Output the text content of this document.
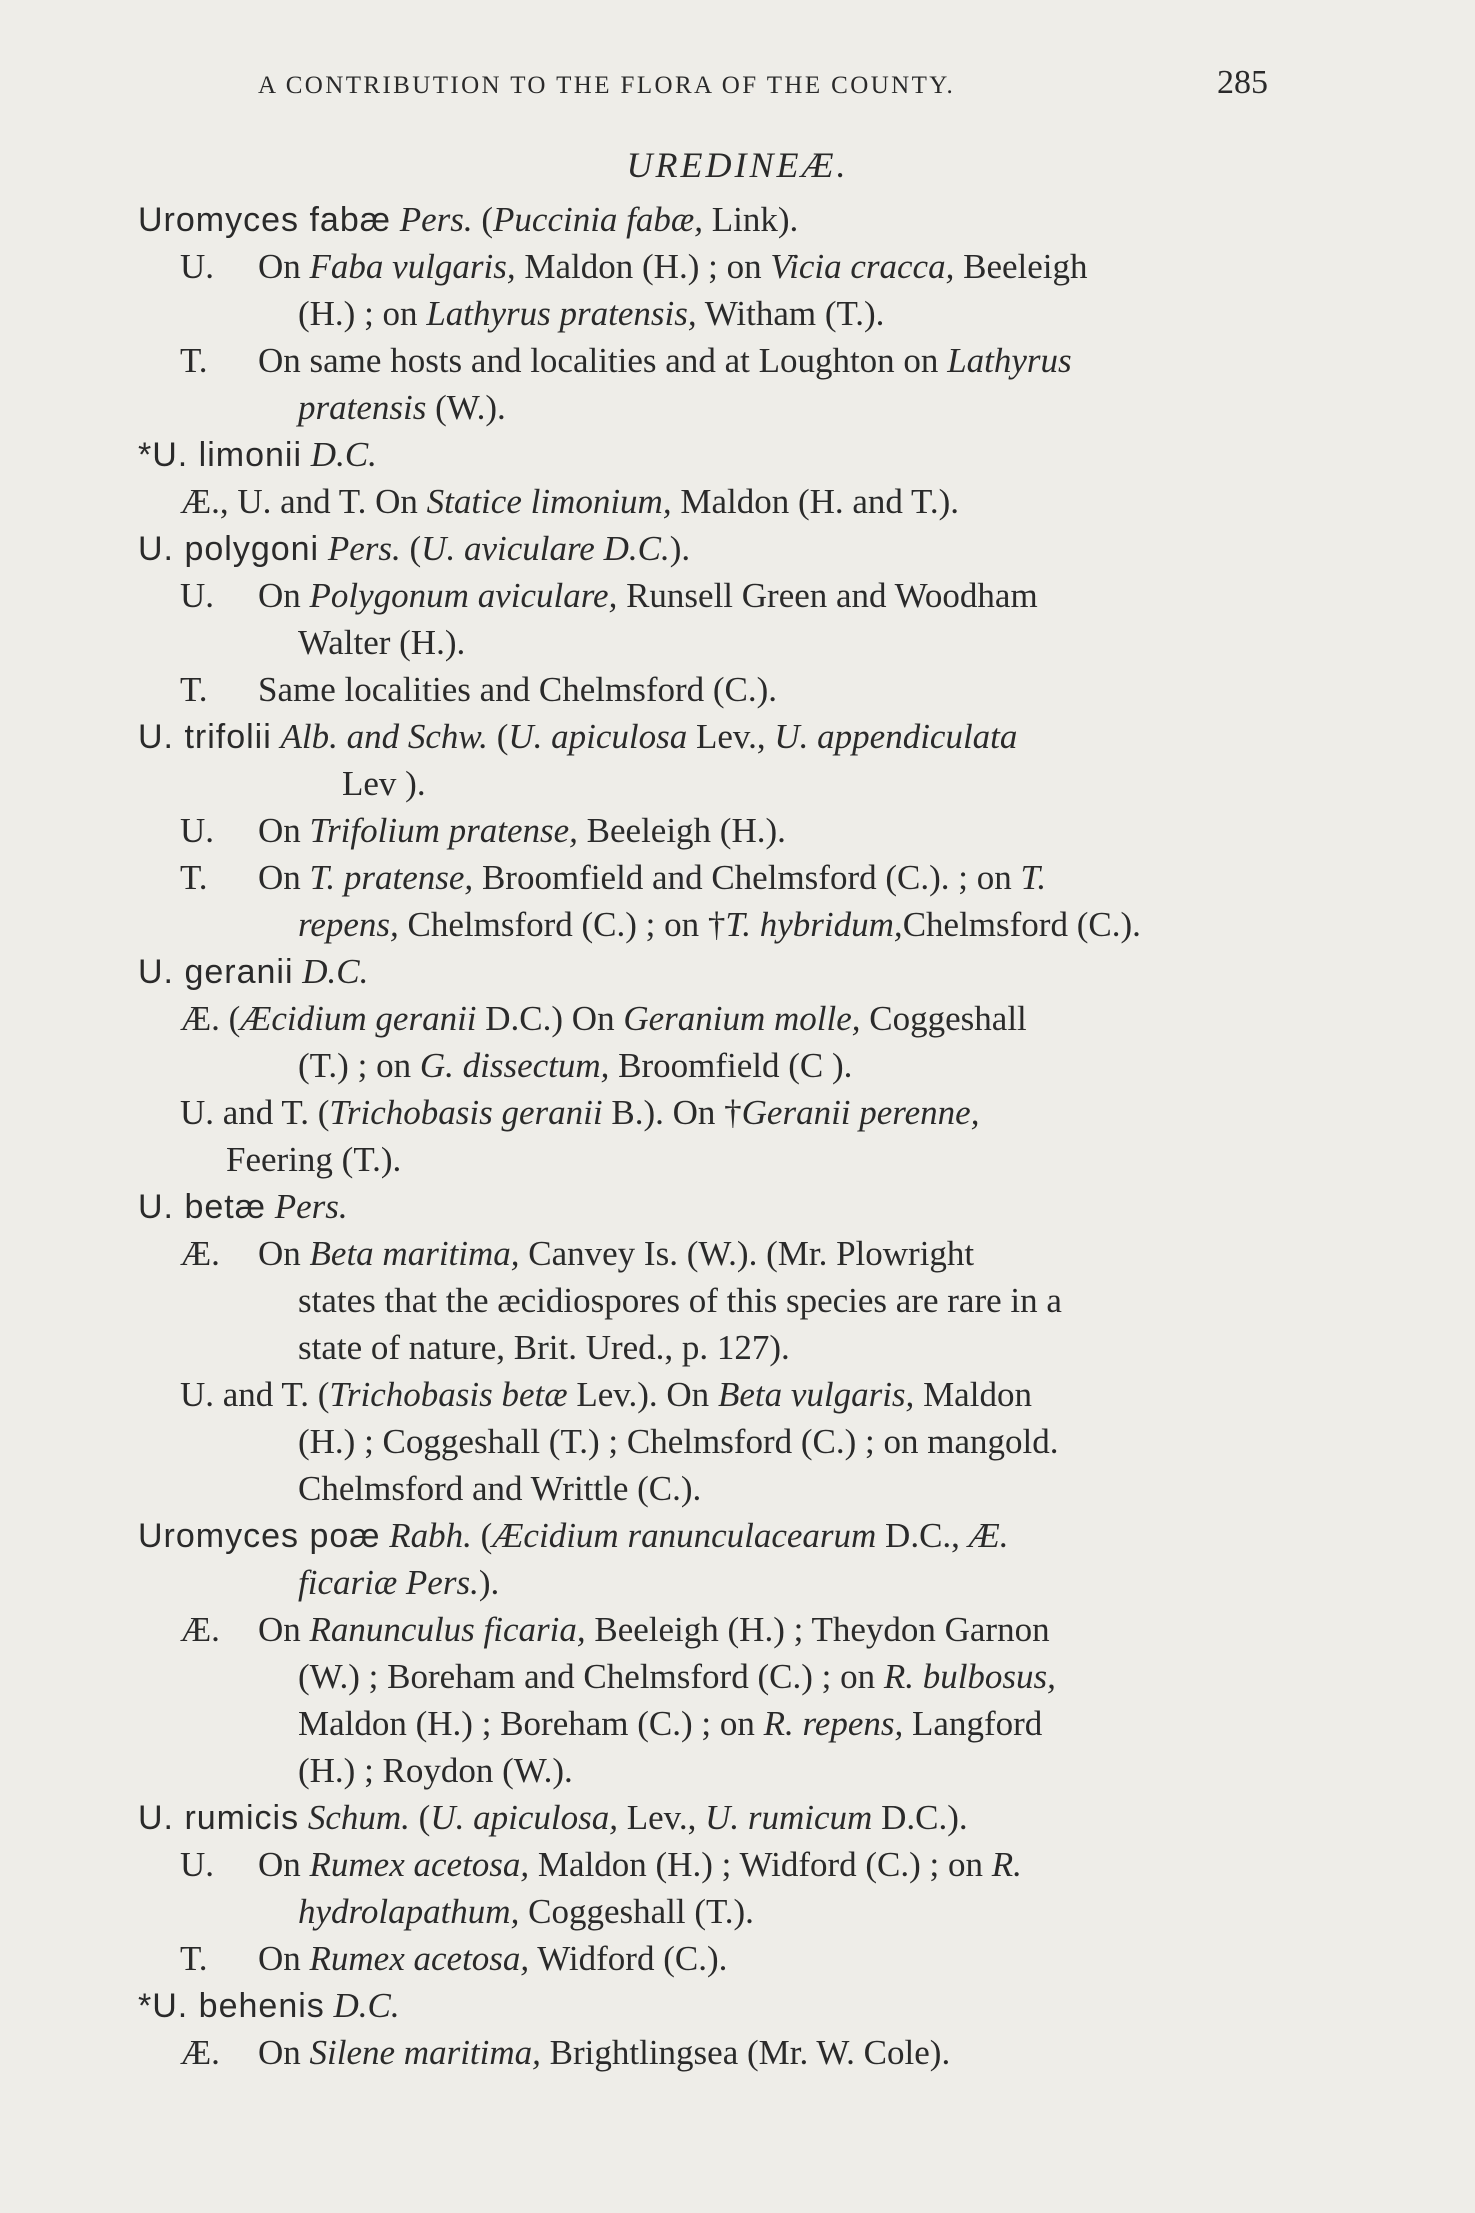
A CONTRIBUTION TO THE FLORA OF THE COUNTY.	285
UREDINEÆ.
Uromyces fabæ Pers. (Puccinia fabæ, Link).
U. On Faba vulgaris, Maldon (H.) ; on Vicia cracca, Beeleigh
(H.) ; on Lathyrus pratensis, Witham (T.).
T. On same hosts and localities and at Loughton on Lathyrus
pratensis (W.).
*U. limonii D.C.
Æ., U. and T. On Statice limonium, Maldon (H. and T.).
U. polygoni Pers. (U. aviculare D.C.).
U. On Polygonum aviculare, Runsell Green and Woodham
Walter (H.).
T. Same localities and Chelmsford (C.).
U. trifolii Alb. and Schw. (U. apiculosa Lev., U. appendiculata
Lev ).
U. On Trifolium pratense, Beeleigh (H.).
T. On T. pratense, Broomfield and Chelmsford (C.). ; on T.
repens, Chelmsford (C.) ; on †T. hybridum,Chelmsford (C.).
U. geranii D.C.
Æ. (Æcidium geranii D.C.) On Geranium molle, Coggeshall
(T.) ; on G. dissectum, Broomfield (C ).
U. and T. (Trichobasis geranii B.). On †Geranii perenne,
Feering (T.).
U. betæ Pers.
Æ. On Beta maritima, Canvey Is. (W.). (Mr. Plowright
states that the æcidiospores of this species are rare in a
state of nature, Brit. Ured., p. 127).
U. and T. (Trichobasis betæ Lev.). On Beta vulgaris, Maldon
(H.) ; Coggeshall (T.) ; Chelmsford (C.) ; on mangold.
Chelmsford and Writtle (C.).
Uromyces poæ Rabh. (Æcidium ranunculacearum D.C., Æ.
ficariæ Pers.).
Æ. On Ranunculus ficaria, Beeleigh (H.) ; Theydon Garnon
(W.) ; Boreham and Chelmsford (C.) ; on R. bulbosus,
Maldon (H.) ; Boreham (C.) ; on R. repens, Langford
(H.) ; Roydon (W.).
U. rumicis Schum. (U. apiculosa, Lev., U. rumicum D.C.).
U. On Rumex acetosa, Maldon (H.) ; Widford (C.) ; on R.
hydrolapathum, Coggeshall (T.).
T. On Rumex acetosa, Widford (C.).
*U. behenis D.C.
Æ. On Silene maritima, Brightlingsea (Mr. W. Cole).
